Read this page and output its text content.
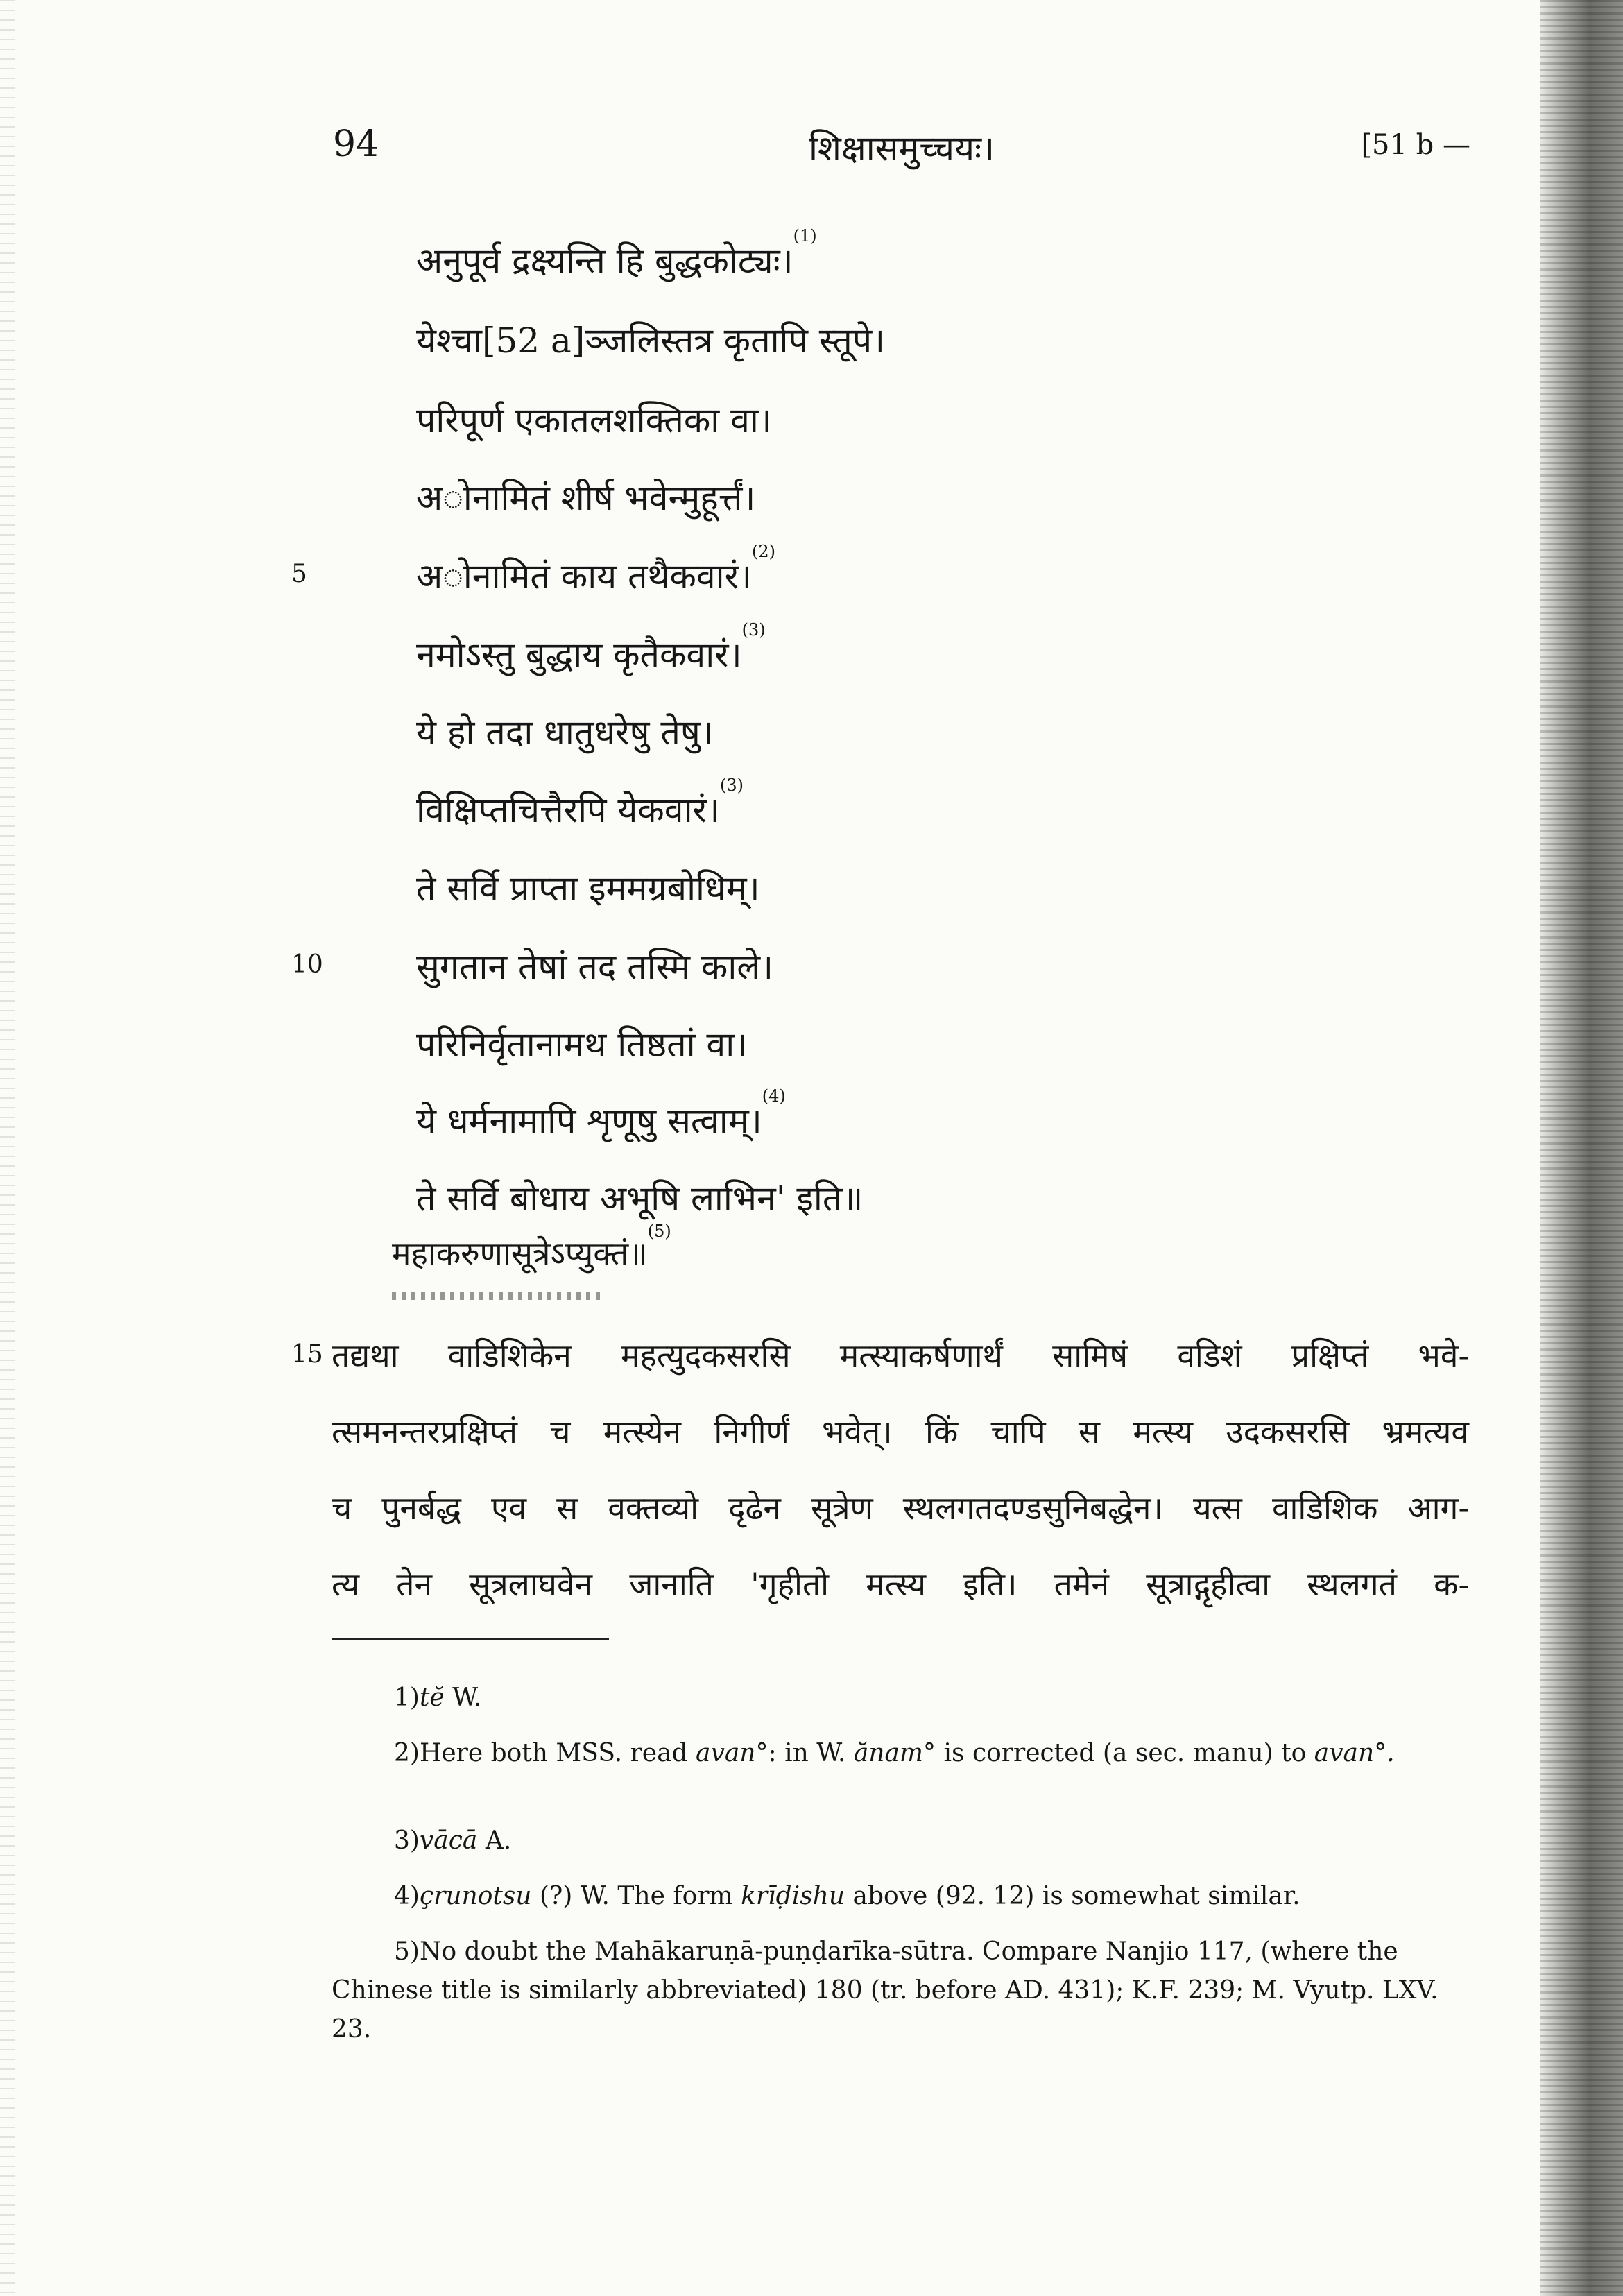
94	शिक्षासमुच्चयः।	[51 b —
अनुपूर्व द्रक्ष्यन्ति हि बुद्धकोट्यः।$^{(1)}$
येश्चा[52 a]ञ्जलिस्तत्र कृतापि स्तूपे।
परिपूर्ण एकातलशक्तिका वा।
अोनामितं शीर्ष भवेन्मुहूर्त्तं।
अोनामितं काय तथैकवारं।$^{(2)}$
5
नमोऽस्तु बुद्धाय कृतैकवारं।$^{(3)}$
ये हो तदा धातुधरेषु तेषु।
विक्षिप्तचित्तैरपि येकवारं।$^{(3)}$
ते सर्वि प्राप्ता इममग्रबोधिम्।
सुगतान तेषां तद तस्मि काले।
10
परिनिर्वृतानामथ तिष्ठतां वा।
ये धर्मनामापि शृणूषु सत्वाम्।$^{(4)}$
ते सर्वि बोधाय अभूषि लाभिन' इति॥
महाकरुणासूत्रेऽप्युक्तं॥$^{(5)}$
15 तद्यथा वाडिशिकेन महत्युदकसरसि मत्स्याकर्षणार्थं सामिषं वडिशं प्रक्षिप्तं भवे-
त्समनन्तरप्रक्षिप्तं च मत्स्येन निगीर्णं भवेत्। किं चापि स मत्स्य उदकसरसि भ्रमत्यव
च पुनर्बद्ध एव स वक्तव्यो दृढेन सूत्रेण स्थलगतदण्डसुनिबद्धेन। यत्स वाडिशिक आग-
त्य तेन सूत्रलाघवेन जानाति 'गृहीतो मत्स्य इति। तमेनं सूत्राद्गृहीत्वा स्थलगतं क-
1)tĕ W.
2)Here both MSS. read avan°: in W. ănam° is corrected (a sec. manu) to avan°.
3)vācā A.
4)çrunotsu (?) W. The form krīḍishu above (92. 12) is somewhat similar.
5)No doubt the Mahākaruṇā-puṇḍarīka-sūtra. Compare Nanjio 117, (where the Chinese title is similarly abbreviated) 180 (tr. before AD. 431); K.F. 239; M. Vyutp. LXV. 23.
